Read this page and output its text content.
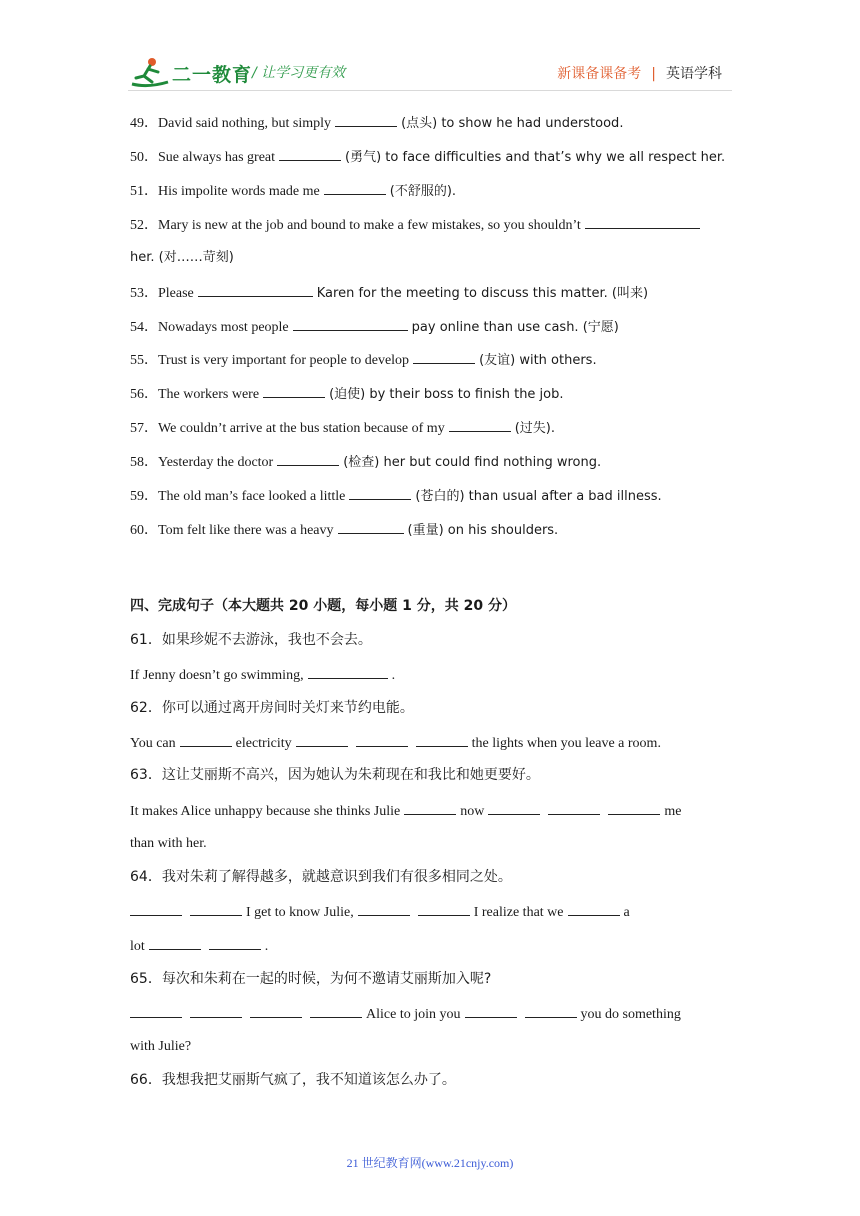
二一教育 / 让学习更有效	新课备课备考 | 英语学科
49．David said nothing, but simply	(点头) to show he had understood.
50．Sue always has great	(勇气) to face difficulties and that’s why we all respect her.
51．His impolite words made me	(不舒服的).
52．Mary is new at the job and bound to make a few mistakes, so you shouldn’t
her. (对……苛刻)
53．Please	Karen for the meeting to discuss this matter. (叫来)
54．Nowadays most people	pay online than use cash. (宁愿)
55．Trust is very important for people to develop	(友谊) with others.
56．The workers were	(迫使) by their boss to finish the job.
57．We couldn’t arrive at the bus station because of my	(过失).
58．Yesterday the doctor	(检查) her but could find nothing wrong.
59．The old man’s face looked a little	(苍白的) than usual after a bad illness.
60．Tom felt like there was a heavy	(重量) on his shoulders.
四、完成句子（本大题共 20 小题，每小题 1 分，共 20 分）
61．如果珍妮不去游泳，我也不会去。
If Jenny doesn’t go swimming,	.
62．你可以通过离开房间时关灯来节约电能。
You can	electricity	the lights when you leave a room.
63．这让艾丽斯不高兴，因为她认为朱莉现在和我比和她更要好。
It makes Alice unhappy because she thinks Julie	now	me
than with her.
64．我对朱莉了解得越多，就越意识到我们有很多相同之处。
I get to know Julie,	I realize that we	a
lot	.
65．每次和朱莉在一起的时候，为何不邀请艾丽斯加入呢?
Alice to join you	you do something
with Julie?
66．我想我把艾丽斯气疯了，我不知道该怎么办了。
21 世纪教育网(www.21cnjy.com)
